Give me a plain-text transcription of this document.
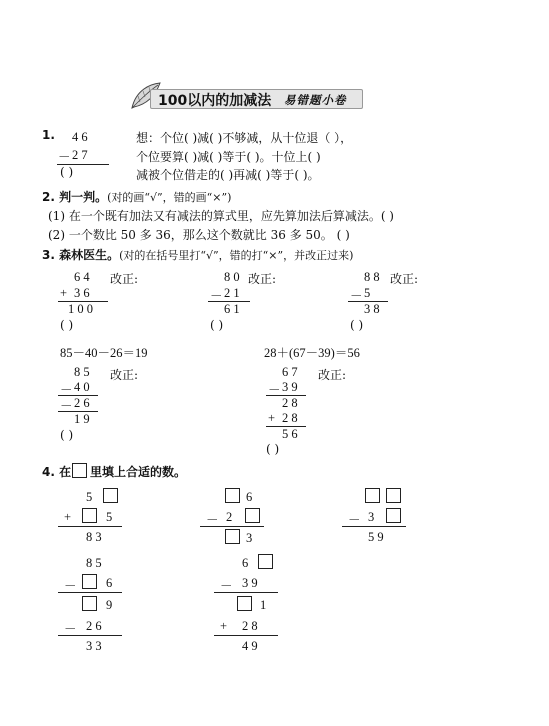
100以内的加减法 易错题小卷
1. 4 6
－ 2 7
( )
想：个位( )减( )不够减，从十位退（ ），
个位要算( )减( )等于( )。十位上( )
减被个位借走的( )再减( )等于( )。
2. 判一判。(对的画“√”，错的画“×”)
(1) 在一个既有加法又有减法的算式里，应先算加法后算减法。( )
(2) 一个数比 50 多 36，那么这个数就比 36 多 50。 ( )
3. 森林医生。(对的在括号里打“√”，错的打“×”，并改正过来)
6 4
+ 3 6
1 0 0
改正:
( )
8 0
－ 2 1
6 1
改正:
( )
8 8
－ 5
3 8
改正:
( )
85－40－26＝19
8 5
－ 4 0
－ 2 6
1 9
改正:
( )
28＋(67－39)＝56
6 7
－ 3 9
2 8
+ 2 8
5 6
改正:
( )
4. 在 里填上合适的数。
5
+	5
8 3
6
－ 2
3
－ 3
5 9
8 5
－ 6
9
－ 2 6
3 3
6
－ 3 9
1
+ 2 8
4 9
